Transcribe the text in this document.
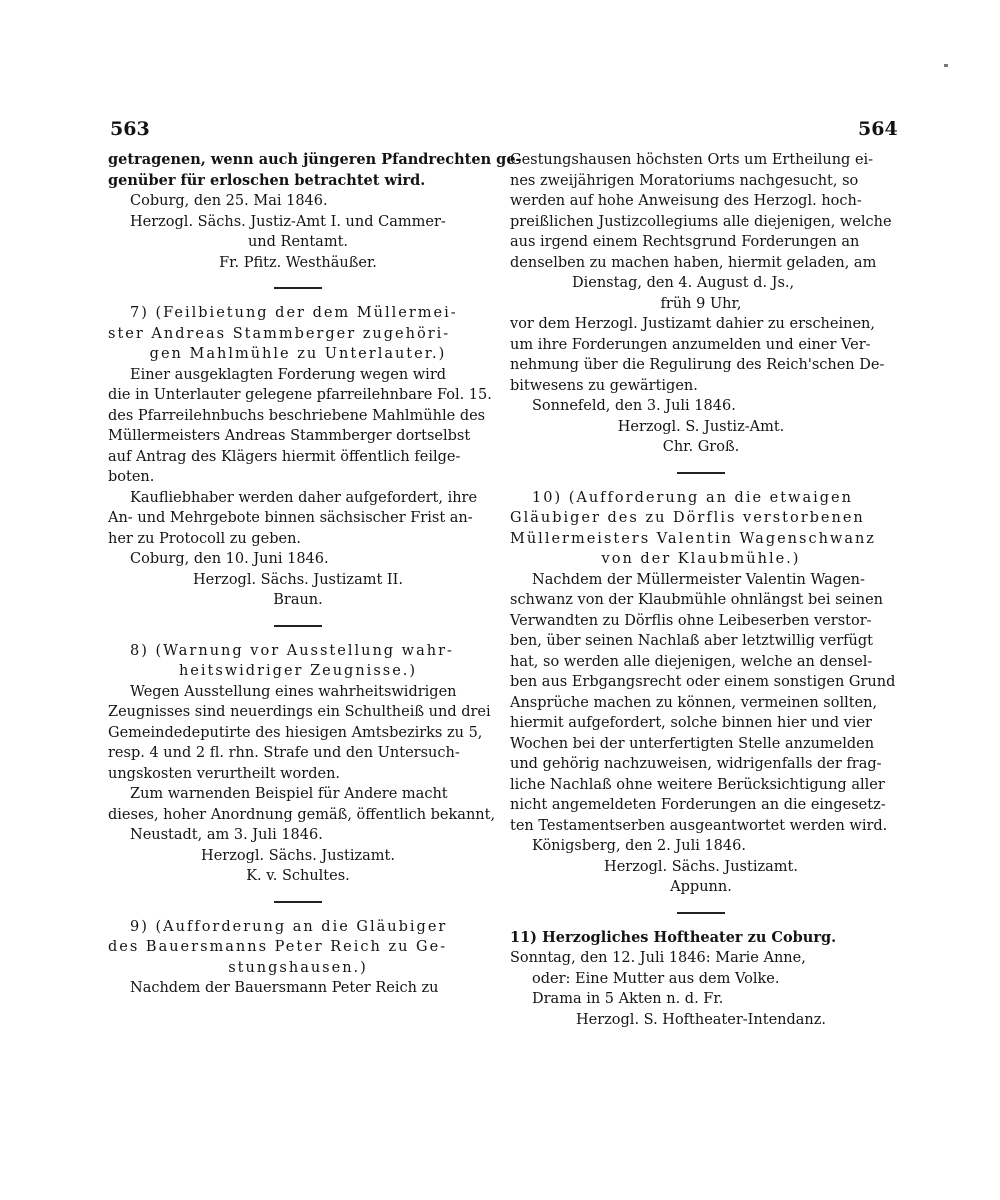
563	564
getragenen, wenn auch jüngeren Pfandrechten ge-
genüber für erloschen betrachtet wird.
Coburg, den 25. Mai 1846.
Herzogl. Sächs. Justiz-Amt I. und Cammer-
und Rentamt.
Fr. Pfitz. Westhäußer.
7) (Feilbietung der dem Müllermei-
ster Andreas Stammberger zugehöri-
gen Mahlmühle zu Unterlauter.)
Einer ausgeklagten Forderung wegen wird
die in Unterlauter gelegene pfarreilehnbare Fol. 15.
des Pfarreilehnbuchs beschriebene Mahlmühle des
Müllermeisters Andreas Stammberger dortselbst
auf Antrag des Klägers hiermit öffentlich feilge-
boten.
Kaufliebhaber werden daher aufgefordert, ihre
An- und Mehrgebote binnen sächsischer Frist an-
her zu Protocoll zu geben.
Coburg, den 10. Juni 1846.
Herzogl. Sächs. Justizamt II.
Braun.
8) (Warnung vor Ausstellung wahr-
heitswidriger Zeugnisse.)
Wegen Ausstellung eines wahrheitswidrigen
Zeugnisses sind neuerdings ein Schultheiß und drei
Gemeindedeputirte des hiesigen Amtsbezirks zu 5,
resp. 4 und 2 fl. rhn. Strafe und den Untersuch-
ungskosten verurtheilt worden.
Zum warnenden Beispiel für Andere macht
dieses, hoher Anordnung gemäß, öffentlich bekannt,
Neustadt, am 3. Juli 1846.
Herzogl. Sächs. Justizamt.
K. v. Schultes.
9) (Aufforderung an die Gläubiger
des Bauersmanns Peter Reich zu Ge-
stungshausen.)
Nachdem der Bauersmann Peter Reich zu
Gestungshausen höchsten Orts um Ertheilung ei-
nes zweijährigen Moratoriums nachgesucht, so
werden auf hohe Anweisung des Herzogl. hoch-
preißlichen Justizcollegiums alle diejenigen, welche
aus irgend einem Rechtsgrund Forderungen an
denselben zu machen haben, hiermit geladen, am
Dienstag, den 4. August d. Js.,
früh 9 Uhr,
vor dem Herzogl. Justizamt dahier zu erscheinen,
um ihre Forderungen anzumelden und einer Ver-
nehmung über die Regulirung des Reich'schen De-
bitwesens zu gewärtigen.
Sonnefeld, den 3. Juli 1846.
Herzogl. S. Justiz-Amt.
Chr. Groß.
10) (Aufforderung an die etwaigen
Gläubiger des zu Dörflis verstorbenen
Müllermeisters Valentin Wagenschwanz
von der Klaubmühle.)
Nachdem der Müllermeister Valentin Wagen-
schwanz von der Klaubmühle ohnlängst bei seinen
Verwandten zu Dörflis ohne Leibeserben verstor-
ben, über seinen Nachlaß aber letztwillig verfügt
hat, so werden alle diejenigen, welche an densel-
ben aus Erbgangsrecht oder einem sonstigen Grund
Ansprüche machen zu können, vermeinen sollten,
hiermit aufgefordert, solche binnen hier und vier
Wochen bei der unterfertigten Stelle anzumelden
und gehörig nachzuweisen, widrigenfalls der frag-
liche Nachlaß ohne weitere Berücksichtigung aller
nicht angemeldeten Forderungen an die eingesetz-
ten Testamentserben ausgeantwortet werden wird.
Königsberg, den 2. Juli 1846.
Herzogl. Sächs. Justizamt.
Appunn.
11) Herzogliches Hoftheater zu Coburg.
Sonntag, den 12. Juli 1846: Marie Anne,
oder: Eine Mutter aus dem Volke.
Drama in 5 Akten n. d. Fr.
Herzogl. S. Hoftheater-Intendanz.
